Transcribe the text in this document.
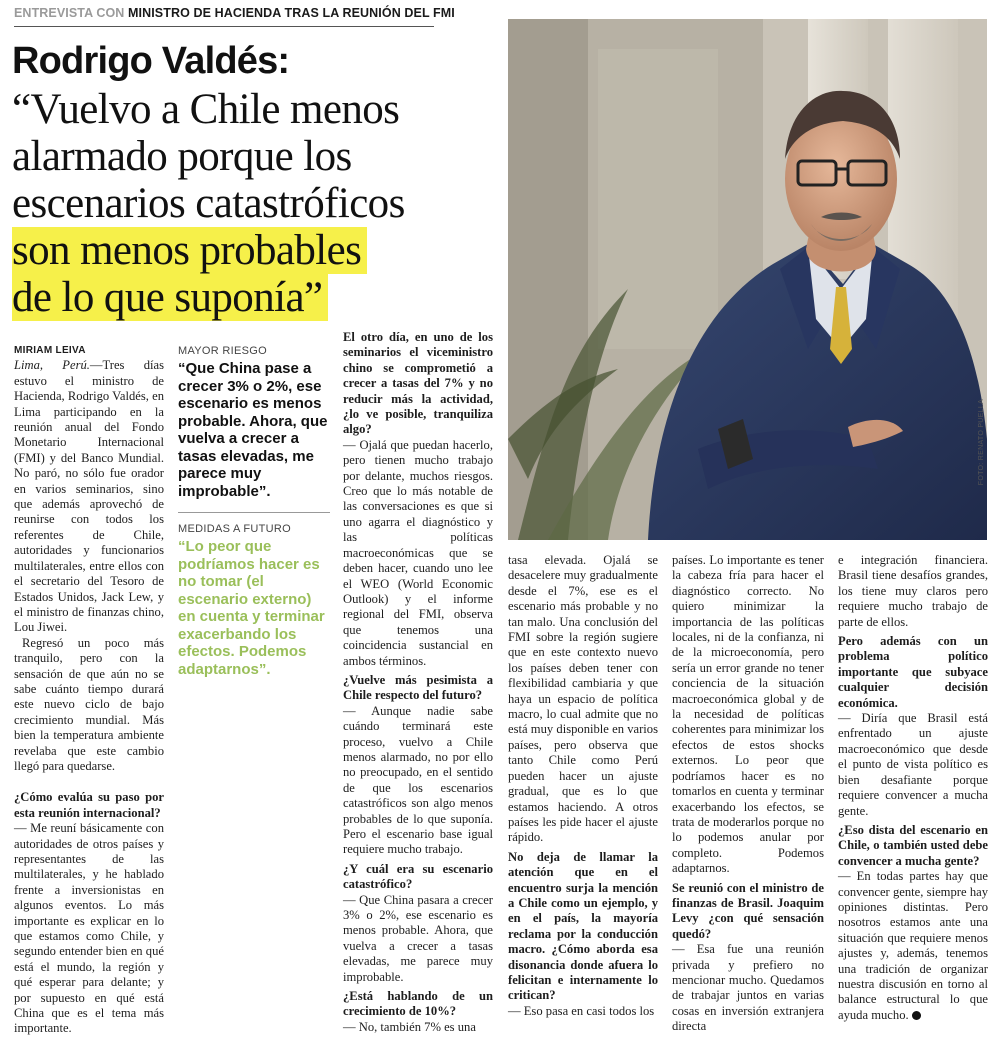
ENTREVISTA CON MINISTRO DE HACIENDA TRAS LA REUNIÓN DEL FMI
Rodrigo Valdés:
“Vuelvo a Chile menos
alarmado porque los
escenarios catastróficos
son menos probables
de lo que suponía”
FOTO: RENATO PUELLA

MIRIAM LEIVA

Lima, Perú.—Tres días estuvo el ministro de Hacienda, Rodrigo Valdés, en Lima participando en la reunión anual del Fondo Monetario Internacional (FMI) y del Banco Mundial. No paró, no sólo fue orador en varios seminarios, sino que además aprovechó de reunirse con todos los referentes de Chile, autoridades y funcionarios multilaterales, entre ellos con el secretario del Tesoro de Estados Unidos, Jack Lew, y el ministro de finanzas chino, Lou Jiwei.

Regresó un poco más tranquilo, pero con la sensación de que aún no se sabe cuánto tiempo durará este nuevo ciclo de bajo crecimiento mundial. Más bien la temperatura ambiente revelaba que este cambio llegó para quedarse.

¿Cómo evalúa su paso por esta reunión internacional?

— Me reuní básicamente con autoridades de otros países y representantes de las multilaterales, y he hablado frente a inversionistas en algunos eventos. Lo más importante es explicar en lo que estamos como Chile, y segundo entender bien en qué está el mundo, la región y qué esperar para delante; y por supuesto en qué está China que es el tema más importante.

MAYOR RIESGO
“Que China pase a crecer 3% o 2%, ese escenario es menos probable. Ahora, que vuelva a crecer a tasas elevadas, me parece muy improbable”.
MEDIDAS A FUTURO
“Lo peor que podríamos hacer es no tomar (el escenario externo) en cuenta y terminar exacerbando los efectos. Podemos adaptarnos”.

El otro día, en uno de los seminarios el viceministro chino se comprometió a crecer a tasas del 7% y no reducir más la actividad, ¿lo ve posible, tranquiliza algo?

— Ojalá que puedan hacerlo, pero tienen mucho trabajo por delante, muchos riesgos. Creo que lo más notable de las conversaciones es que si uno agarra el diagnóstico y las políticas macroeconómicas que se deben hacer, cuando uno lee el WEO (World Economic Outlook) y el informe regional del FMI, observa que tenemos una coincidencia sustancial en ambos términos.

¿Vuelve más pesimista a Chile respecto del futuro?

— Aunque nadie sabe cuándo terminará este proceso, vuelvo a Chile menos alarmado, no por ello no preocupado, en el sentido de que los escenarios catastróficos son algo menos probables de lo que suponía. Pero el escenario base igual requiere mucho trabajo.

¿Y cuál era su escenario catastrófico?

— Que China pasara a crecer 3% o 2%, ese escenario es menos probable. Ahora, que vuelva a crecer a tasas elevadas, me parece muy improbable.

¿Está hablando de un crecimiento de 10%?

— No, también 7% es una

tasa elevada. Ojalá se desacelere muy gradualmente desde el 7%, ese es el escenario más probable y no tan malo. Una conclusión del FMI sobre la región sugiere que en este contexto nuevo los países deben tener con flexibilidad cambiaria y que haya un espacio de política macro, lo cual admite que no está muy disponible en varios países, pero observa que tanto Chile como Perú pueden hacer un ajuste gradual, que es lo que estamos haciendo. A otros países les pide hacer el ajuste rápido.

No deja de llamar la atención que en el encuentro surja la mención a Chile como un ejemplo, y en el país, la mayoría reclama por la conducción macro. ¿Cómo aborda esa disonancia donde afuera lo felicitan e internamente lo critican?

— Eso pasa en casi todos los

países. Lo importante es tener la cabeza fría para hacer el diagnóstico correcto. No quiero minimizar la importancia de las políticas locales, ni de la confianza, ni de la microeconomía, pero sería un error grande no tener conciencia de la situación macroeconómica global y de la necesidad de políticas coherentes para minimizar los efectos de estos shocks externos. Lo peor que podríamos hacer es no tomarlos en cuenta y terminar exacerbando los efectos, se trata de moderarlos porque no lo podemos anular por completo. Podemos adaptarnos.

Se reunió con el ministro de finanzas de Brasil. Joaquim Levy ¿con qué sensación quedó?

— Esa fue una reunión privada y prefiero no mencionar mucho. Quedamos de trabajar juntos en varias cosas en inversión extranjera directa

e integración financiera. Brasil tiene desafíos grandes, los tiene muy claros pero requiere mucho trabajo de parte de ellos.

Pero además con un problema político importante que subyace cualquier decisión económica.

— Diría que Brasil está enfrentado un ajuste macroeconómico que desde el punto de vista político es bien desafiante porque requiere convencer a mucha gente.

¿Eso dista del escenario en Chile, o también usted debe convencer a mucha gente?

— En todas partes hay que convencer gente, siempre hay opiniones distintas. Pero nosotros estamos ante una situación que requiere menos ajustes y, además, tenemos una tradición de organizar nuestra discusión en torno al balance estructural lo que ayuda mucho.
